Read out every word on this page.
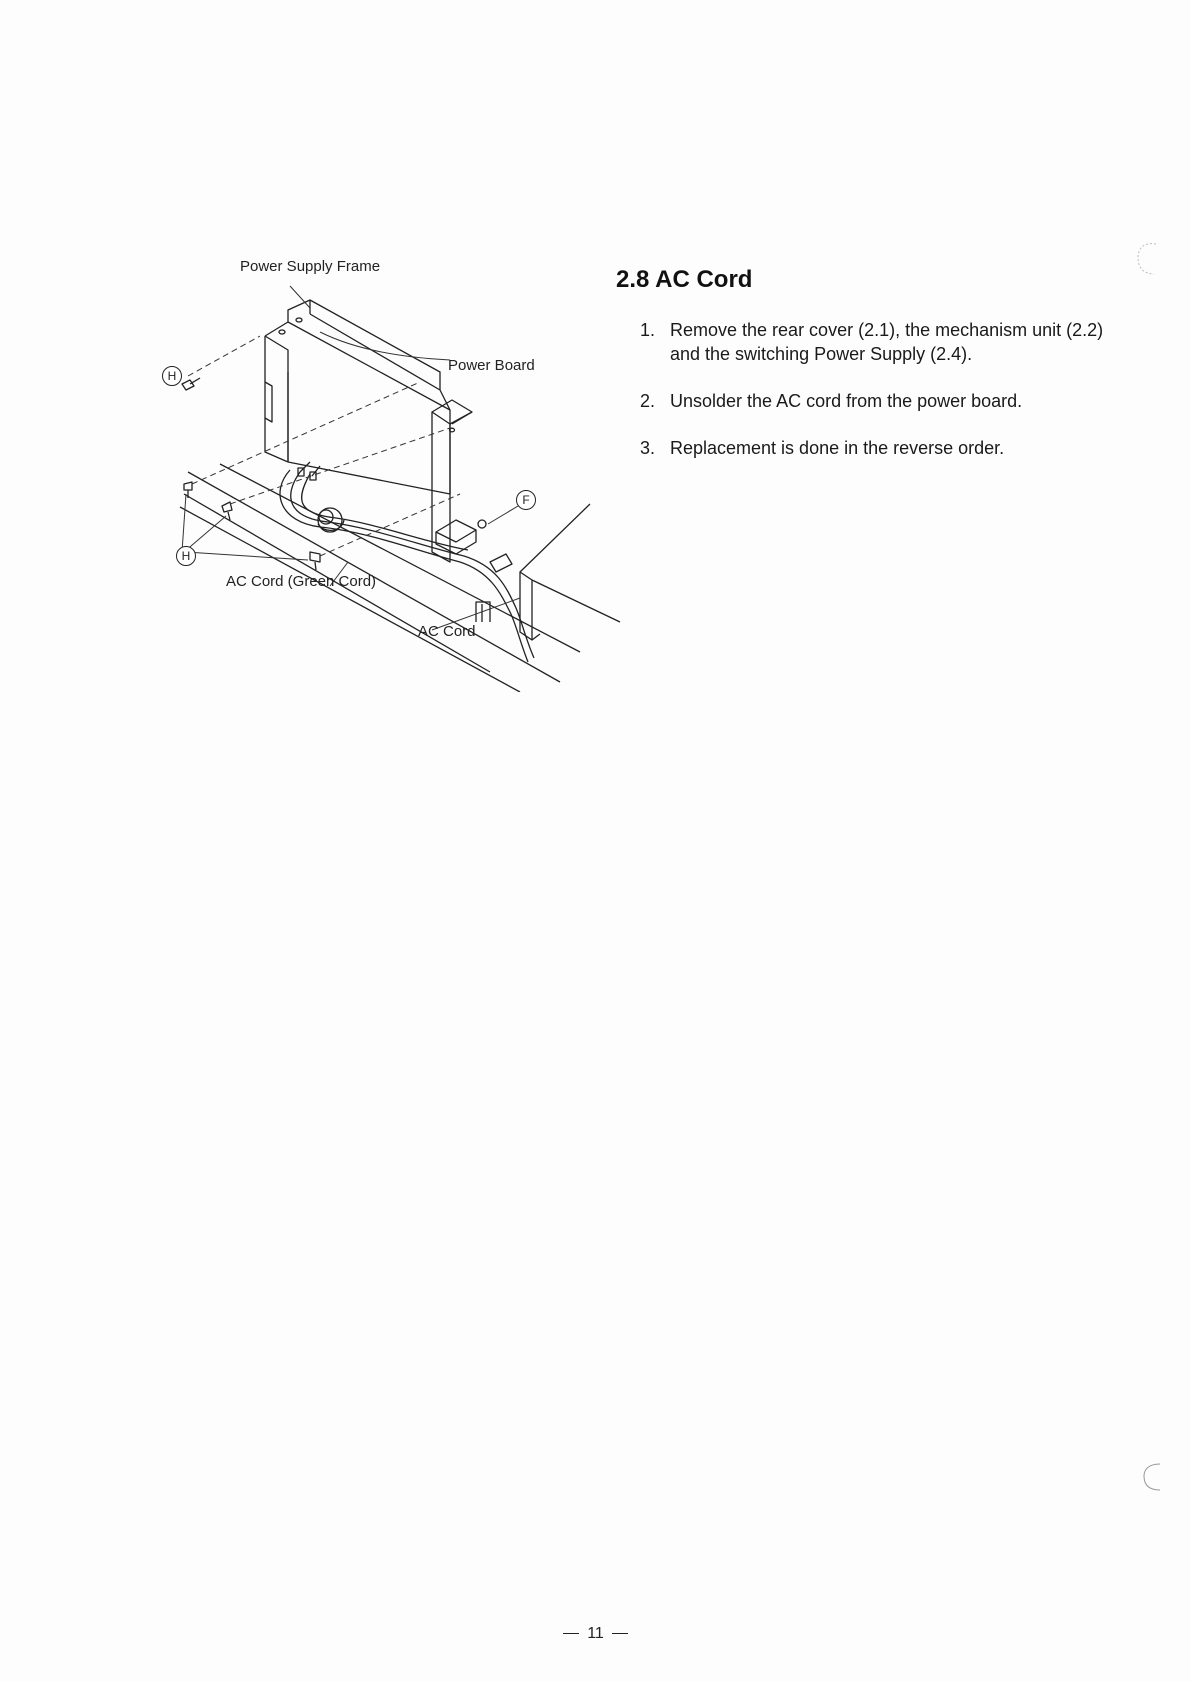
Power Supply Frame
Power Board
AC Cord (Green Cord)
AC Cord
H
H
F
2.8 AC Cord
1. Remove the rear cover (2.1), the mechanism unit (2.2) and the switching Power Supply (2.4).
2. Unsolder the AC cord from the power board.
3. Replacement is done in the reverse order.
11
